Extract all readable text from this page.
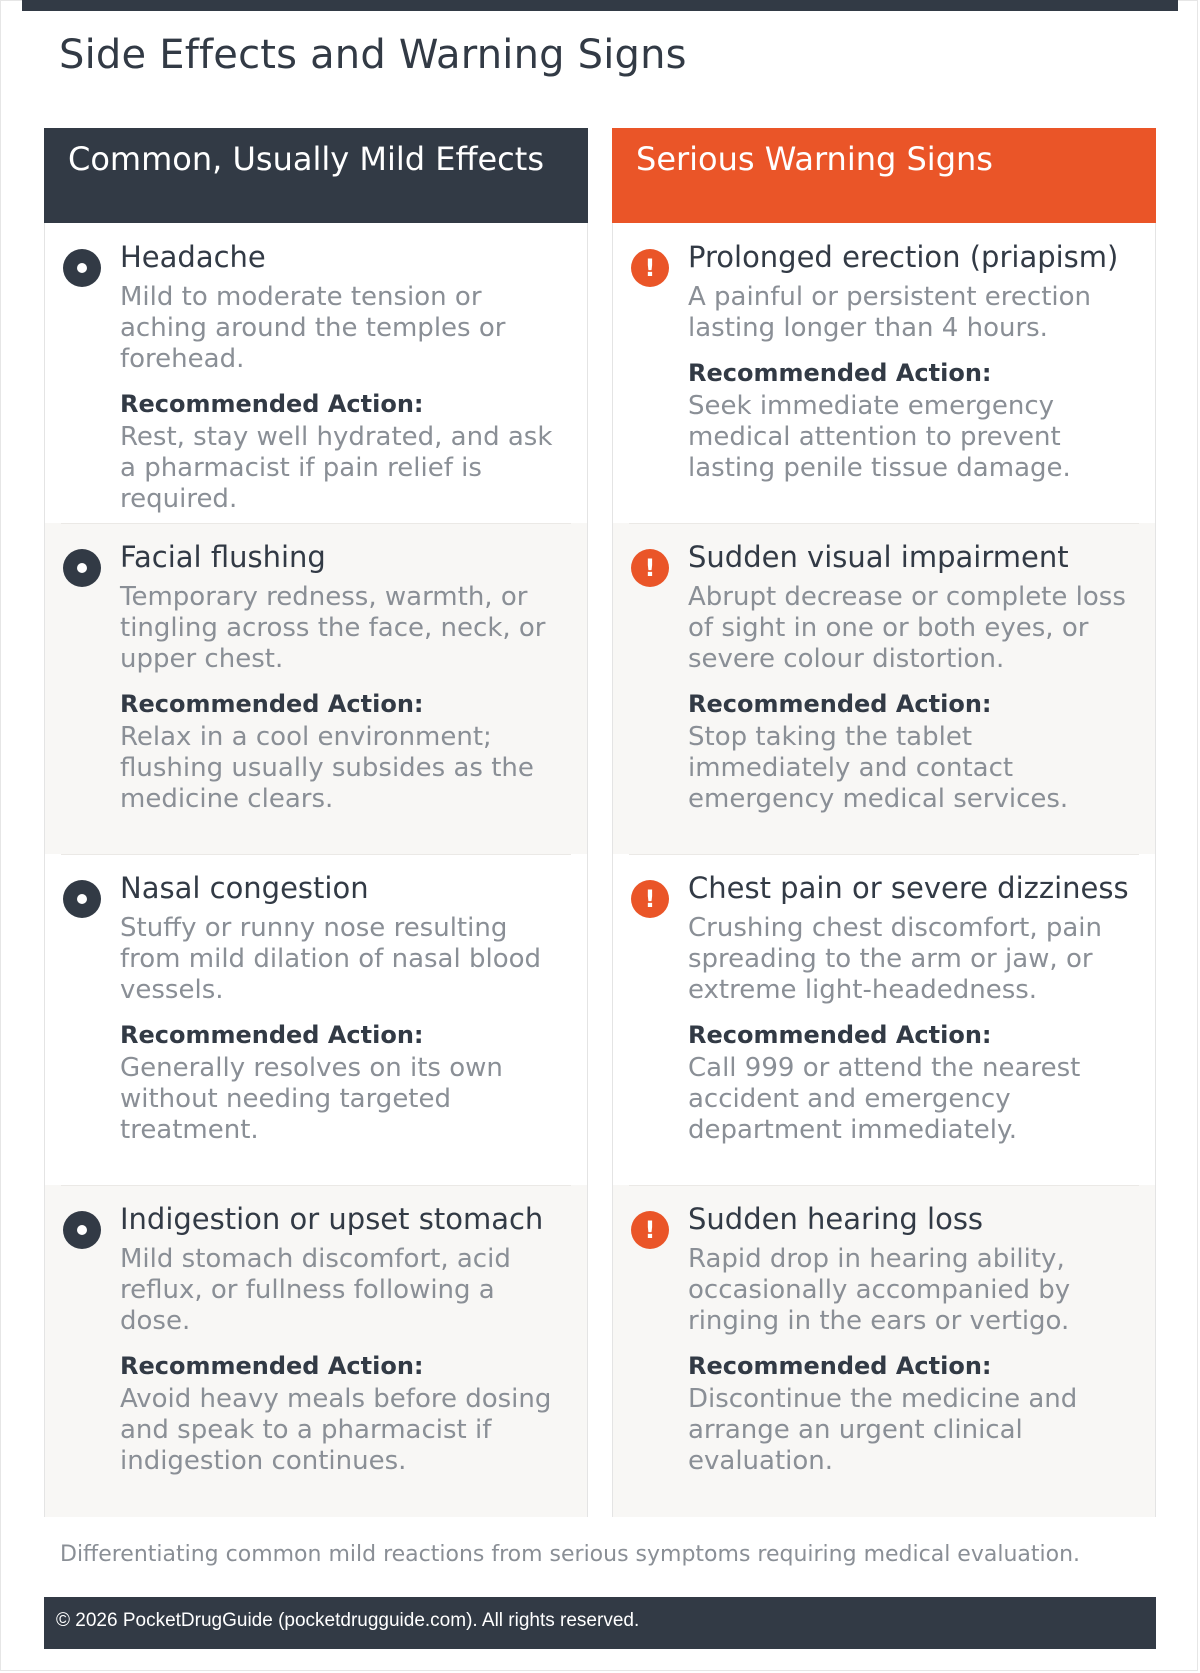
Side Effects and Warning Signs
Common, Usually Mild Effects
Headache

Mild to moderate tension or aching around the temples or forehead.

Recommended Action:

Rest, stay well hydrated, and ask a pharmacist if pain relief is required.

Facial flushing

Temporary redness, warmth, or tingling across the face, neck, or upper chest.

Recommended Action:

Relax in a cool environment; flushing usually subsides as the medicine clears.

Nasal congestion

Stuffy or runny nose resulting from mild dilation of nasal blood vessels.

Recommended Action:

Generally resolves on its own without needing targeted treatment.

Indigestion or upset stomach

Mild stomach discomfort, acid reflux, or fullness following a dose.

Recommended Action:

Avoid heavy meals before dosing and speak to a pharmacist if indigestion continues.

Serious Warning Signs
!	Prolonged erection (priapism)

A painful or persistent erection lasting longer than 4 hours.

Recommended Action:

Seek immediate emergency medical attention to prevent lasting penile tissue damage.

!	Sudden visual impairment

Abrupt decrease or complete loss of sight in one or both eyes, or severe colour distortion.

Recommended Action:

Stop taking the tablet immediately and contact emergency medical services.

!	Chest pain or severe dizziness

Crushing chest discomfort, pain spreading to the arm or jaw, or extreme light-headedness.

Recommended Action:

Call 999 or attend the nearest accident and emergency department immediately.

!	Sudden hearing loss

Rapid drop in hearing ability, occasionally accompanied by ringing in the ears or vertigo.

Recommended Action:

Discontinue the medicine and arrange an urgent clinical evaluation.

Differentiating common mild reactions from serious symptoms requiring medical evaluation.

© 2026 PocketDrugGuide (pocketdrugguide.com). All rights reserved.
